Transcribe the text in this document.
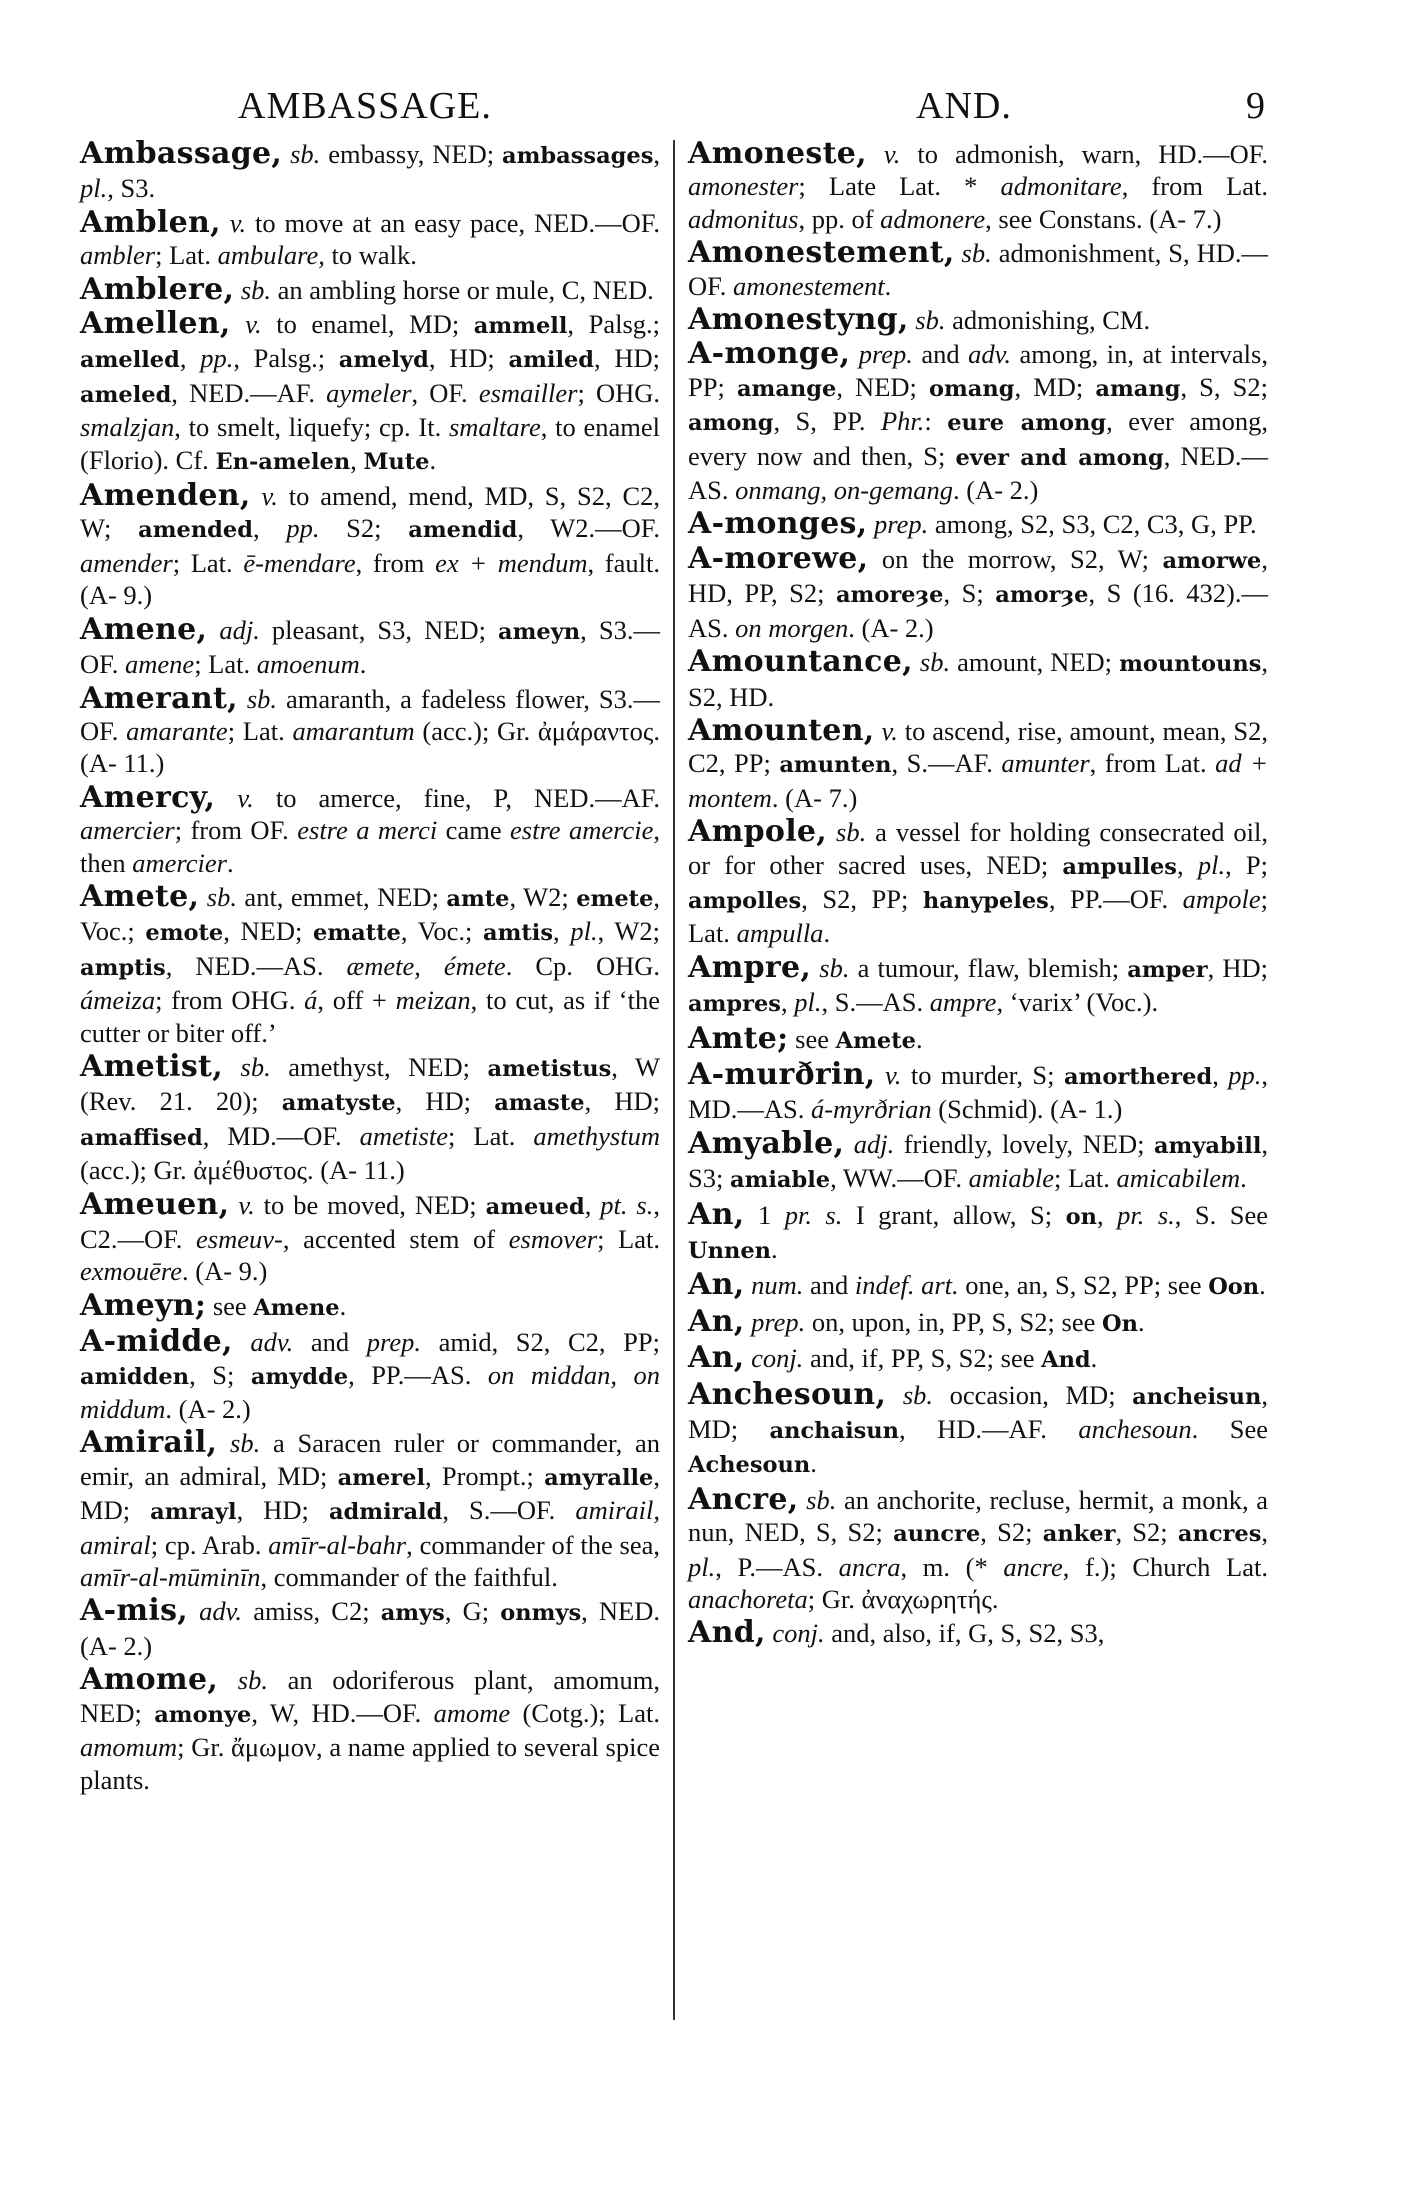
AMBASSAGE.	AND.	9

Ambassage, sb. embassy, NED; ambassages, pl., S3.

Amblen, v. to move at an easy pace, NED.—OF. ambler; Lat. ambulare, to walk.

Amblere, sb. an ambling horse or mule, C, NED.

Amellen, v. to enamel, MD; ammell, Palsg.; amelled, pp., Palsg.; amelyd, HD; amiled, HD; ameled, NED.—AF. aymeler, OF. esmailler; OHG. smalzjan, to smelt, liquefy; cp. It. smaltare, to enamel (Florio). Cf. En-amelen, Mute.

Amenden, v. to amend, mend, MD, S, S2, C2, W; amended, pp. S2; amendid, W2.—OF. amender; Lat. ē-mendare, from ex + mendum, fault. (A- 9.)

Amene, adj. pleasant, S3, NED; ameyn, S3.—OF. amene; Lat. amoenum.

Amerant, sb. amaranth, a fadeless flower, S3.—OF. amarante; Lat. amarantum (acc.); Gr. ἀμάραντος. (A- 11.)

Amercy, v. to amerce, fine, P, NED.—AF. amercier; from OF. estre a merci came estre amercie, then amercier.

Amete, sb. ant, emmet, NED; amte, W2; emete, Voc.; emote, NED; ematte, Voc.; amtis, pl., W2; amptis, NED.—AS. æmete, émete. Cp. OHG. ámeiza; from OHG. á, off + meizan, to cut, as if ‘the cutter or biter off.’

Ametist, sb. amethyst, NED; ametistus, W (Rev. 21. 20); amatyste, HD; amaste, HD; amaffised, MD.—OF. ametiste; Lat. amethystum (acc.); Gr. ἀμέθυστος. (A- 11.)

Ameuen, v. to be moved, NED; ameued, pt. s., C2.—OF. esmeuv-, accented stem of esmover; Lat. exmouēre. (A- 9.)

Ameyn; see Amene.

A-midde, adv. and prep. amid, S2, C2, PP; amidden, S; amydde, PP.—AS. on middan, on middum. (A- 2.)

Amirail, sb. a Saracen ruler or commander, an emir, an admiral, MD; amerel, Prompt.; amyralle, MD; amrayl, HD; admirald, S.—OF. amirail, amiral; cp. Arab. amīr-al-bahr, commander of the sea, amīr-al-mūminīn, commander of the faithful.

A-mis, adv. amiss, C2; amys, G; onmys, NED. (A- 2.)

Amome, sb. an odoriferous plant, amomum, NED; amonye, W, HD.—OF. amome (Cotg.); Lat. amomum; Gr. ἄμωμον, a name applied to several spice plants.

Amoneste, v. to admonish, warn, HD.—OF. amonester; Late Lat. * admonitare, from Lat. admonitus, pp. of admonere, see Constans. (A- 7.)

Amonestement, sb. admonishment, S, HD.—OF. amonestement.

Amonestyng, sb. admonishing, CM.

A-monge, prep. and adv. among, in, at intervals, PP; amange, NED; omang, MD; amang, S, S2; among, S, PP. Phr.: eure among, ever among, every now and then, S; ever and among, NED.—AS. onmang, on-gemang. (A- 2.)

A-monges, prep. among, S2, S3, C2, C3, G, PP.

A-morewe, on the morrow, S2, W; amorwe, HD, PP, S2; amoreȝe, S; amorȝe, S (16. 432).—AS. on morgen. (A- 2.)

Amountance, sb. amount, NED; mountouns, S2, HD.

Amounten, v. to ascend, rise, amount, mean, S2, C2, PP; amunten, S.—AF. amunter, from Lat. ad + montem. (A- 7.)

Ampole, sb. a vessel for holding consecrated oil, or for other sacred uses, NED; ampulles, pl., P; ampolles, S2, PP; hanypeles, PP.—OF. ampole; Lat. ampulla.

Ampre, sb. a tumour, flaw, blemish; amper, HD; ampres, pl., S.—AS. ampre, ‘varix’ (Voc.).

Amte; see Amete.

A-murðrin, v. to murder, S; amorthered, pp., MD.—AS. á-myrðrian (Schmid). (A- 1.)

Amyable, adj. friendly, lovely, NED; amyabill, S3; amiable, WW.—OF. amiable; Lat. amicabilem.

An, 1 pr. s. I grant, allow, S; on, pr. s., S. See Unnen.

An, num. and indef. art. one, an, S, S2, PP; see Oon.

An, prep. on, upon, in, PP, S, S2; see On.

An, conj. and, if, PP, S, S2; see And.

Anchesoun, sb. occasion, MD; ancheisun, MD; anchaisun, HD.—AF. anchesoun. See Achesoun.

Ancre, sb. an anchorite, recluse, hermit, a monk, a nun, NED, S, S2; auncre, S2; anker, S2; ancres, pl., P.—AS. ancra, m. (* ancre, f.); Church Lat. anachoreta; Gr. ἀναχωρητής.

And, conj. and, also, if, G, S, S2, S3,
